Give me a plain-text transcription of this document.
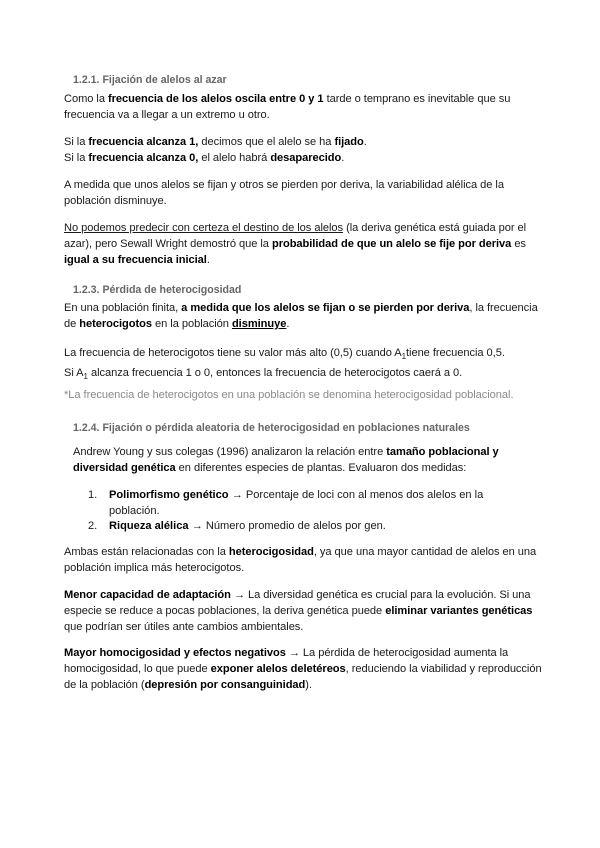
1.2.1. Fijación de alelos al azar

Como la frecuencia de los alelos oscila entre 0 y 1 tarde o temprano es inevitable que su frecuencia va a llegar a un extremo u otro.

Si la frecuencia alcanza 1, decimos que el alelo se ha fijado.
Si la frecuencia alcanza 0, el alelo habrá desaparecido.

A medida que unos alelos se fijan y otros se pierden por deriva, la variabilidad alélica de la población disminuye.

No podemos predecir con certeza el destino de los alelos (la deriva genética está guiada por el azar), pero Sewall Wright demostró que la probabilidad de que un alelo se fije por deriva es igual a su frecuencia inicial.

1.2.3. Pérdida de heterocigosidad

En una población finita, a medida que los alelos se fijan o se pierden por deriva, la frecuencia de heterocigotos en la población disminuye.

La frecuencia de heterocigotos tiene su valor más alto (0,5) cuando $A_1tiene$ frecuencia 0,5.
Si $A_1$ alcanza frecuencia 1 o 0, entonces la frecuencia de heterocigotos caerá a 0.

*La frecuencia de heterocigotos en una población se denomina heterocigosidad poblacional.

1.2.4. Fijación o pérdida aleatoria de heterocigosidad en poblaciones naturales

Andrew Young y sus colegas (1996) analizaron la relación entre tamaño poblacional y diversidad genética en diferentes especies de plantas. Evaluaron dos medidas:

1.	Polimorfismo genético → Porcentaje de loci con al menos dos alelos en la población.
2.	Riqueza alélica → Número promedio de alelos por gen.

Ambas están relacionadas con la heterocigosidad, ya que una mayor cantidad de alelos en una población implica más heterocigotos.

Menor capacidad de adaptación → La diversidad genética es crucial para la evolución. Si una especie se reduce a pocas poblaciones, la deriva genética puede eliminar variantes genéticas que podrían ser útiles ante cambios ambientales.

Mayor homocigosidad y efectos negativos → La pérdida de heterocigosidad aumenta la homocigosidad, lo que puede exponer alelos deletéreos, reduciendo la viabilidad y reproducción de la población (depresión por consanguinidad).
